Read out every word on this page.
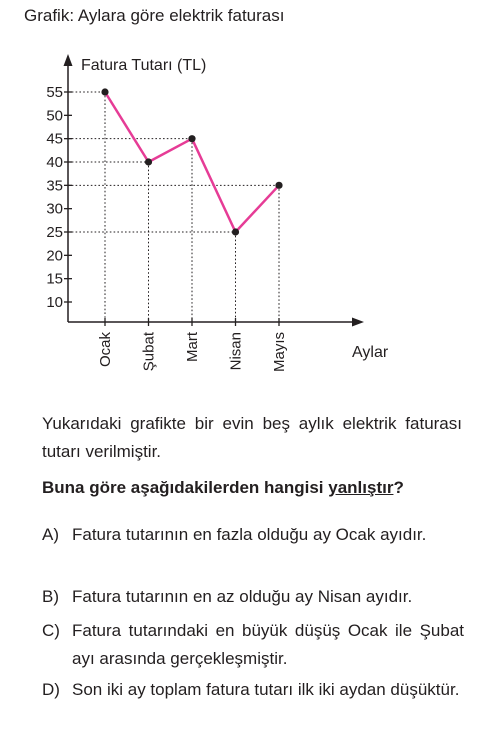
Grafik: Aylara göre elektrik faturası
10
15
20
25
30
35
40
45
50
55
Ocak Şubat Mart Nisan Mayıs
Fatura Tutarı (TL)
Aylar

Yukarıdaki grafikte bir evin beş aylık elektrik faturası tutarı verilmiştir.

Buna göre aşağıdakilerden hangisi yanlıştır?

A) Fatura tutarının en fazla olduğu ay Ocak ayıdır.
B) Fatura tutarının en az olduğu ay Nisan ayıdır.
C) Fatura tutarındaki en büyük düşüş Ocak ile Şubat ayı arasında gerçekleşmiştir.
D) Son iki ay toplam fatura tutarı ilk iki aydan düşüktür.
